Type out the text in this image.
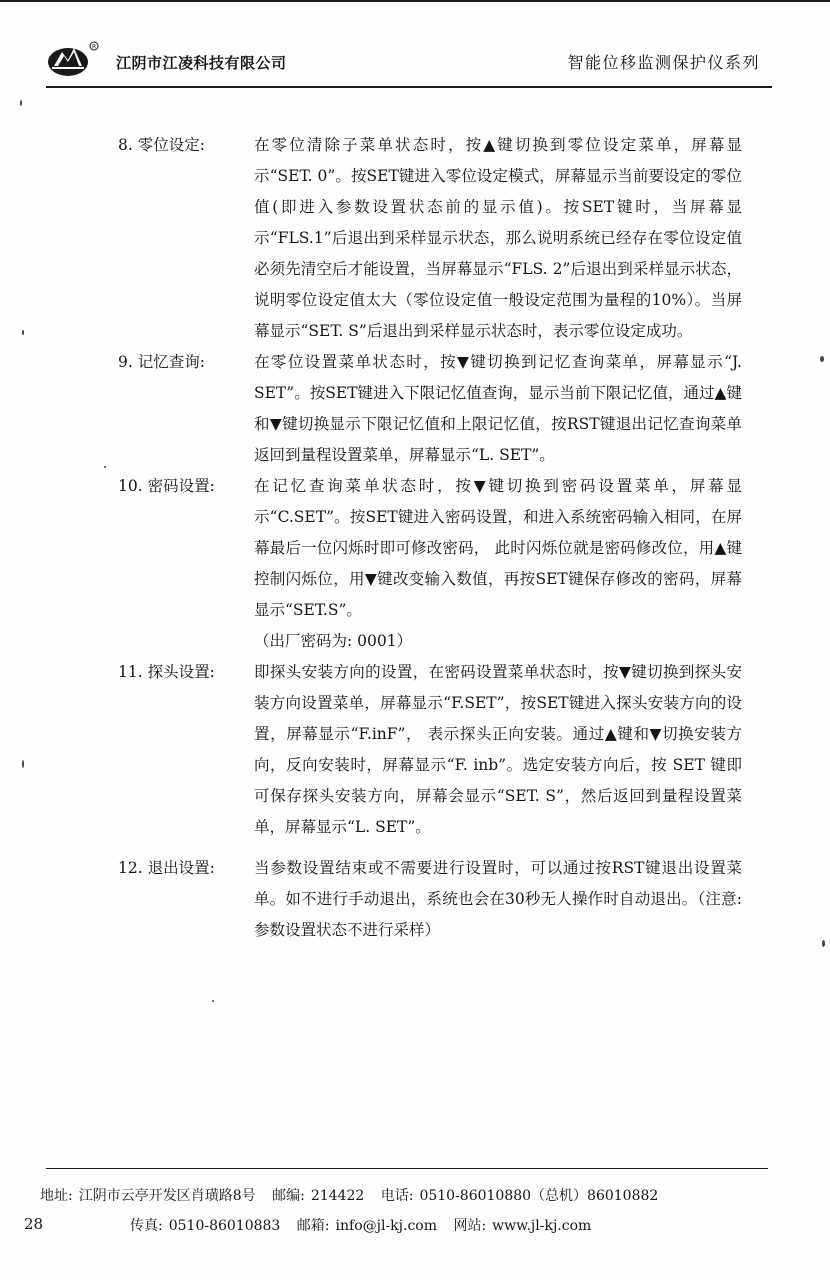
R
江阴市江凌科技有限公司	智能位移监测保护仪系列
8. 零位设定:	在零位清除子菜单状态时，按▲键切换到零位设定菜单，屏幕显示“SET. 0”。按SET键进入零位设定模式，屏幕显示当前要设定的零位值(即进入参数设置状态前的显示值)。按SET键时，当屏幕显示“FLS.1”后退出到采样显示状态，那么说明系统已经存在零位设定值必须先清空后才能设置，当屏幕显示“FLS. 2”后退出到采样显示状态，说明零位设定值太大（零位设定值一般设定范围为量程的10%）。当屏幕显示“SET. S”后退出到采样显示状态时，表示零位设定成功。

9. 记忆查询:	在零位设置菜单状态时，按▼键切换到记忆查询菜单，屏幕显示“J. SET”。按SET键进入下限记忆值查询，显示当前下限记忆值，通过▲键和▼键切换显示下限记忆值和上限记忆值，按RST键退出记忆查询菜单返回到量程设置菜单，屏幕显示“L. SET”。

10. 密码设置:	在记忆查询菜单状态时，按▼键切换到密码设置菜单，屏幕显示“C.SET”。按SET键进入密码设置，和进入系统密码输入相同，在屏幕最后一位闪烁时即可修改密码， 此时闪烁位就是密码修改位，用▲键控制闪烁位，用▼键改变输入数值，再按SET键保存修改的密码，屏幕显示“SET.S”。

（出厂密码为: 0001）

11. 探头设置:	即探头安装方向的设置，在密码设置菜单状态时，按▼键切换到探头安装方向设置菜单，屏幕显示“F.SET”，按SET键进入探头安装方向的设置，屏幕显示“F.inF”， 表示探头正向安装。通过▲键和▼切换安装方向，反向安装时，屏幕显示“F. inb”。选定安装方向后，按 SET 键即可保存探头安装方向，屏幕会显示“SET. S”，然后返回到量程设置菜单，屏幕显示“L. SET”。

12. 退出设置:	当参数设置结束或不需要进行设置时，可以通过按RST键退出设置菜单。如不进行手动退出，系统也会在30秒无人操作时自动退出。（注意: 参数设置状态不进行采样）

地址: 江阴市云亭开发区肖璜路8号 邮编: 214422 电话: 0510-86010880（总机）86010882
28	传真: 0510-86010883 邮箱: info@jl-kj.com 网站: www.jl-kj.com
